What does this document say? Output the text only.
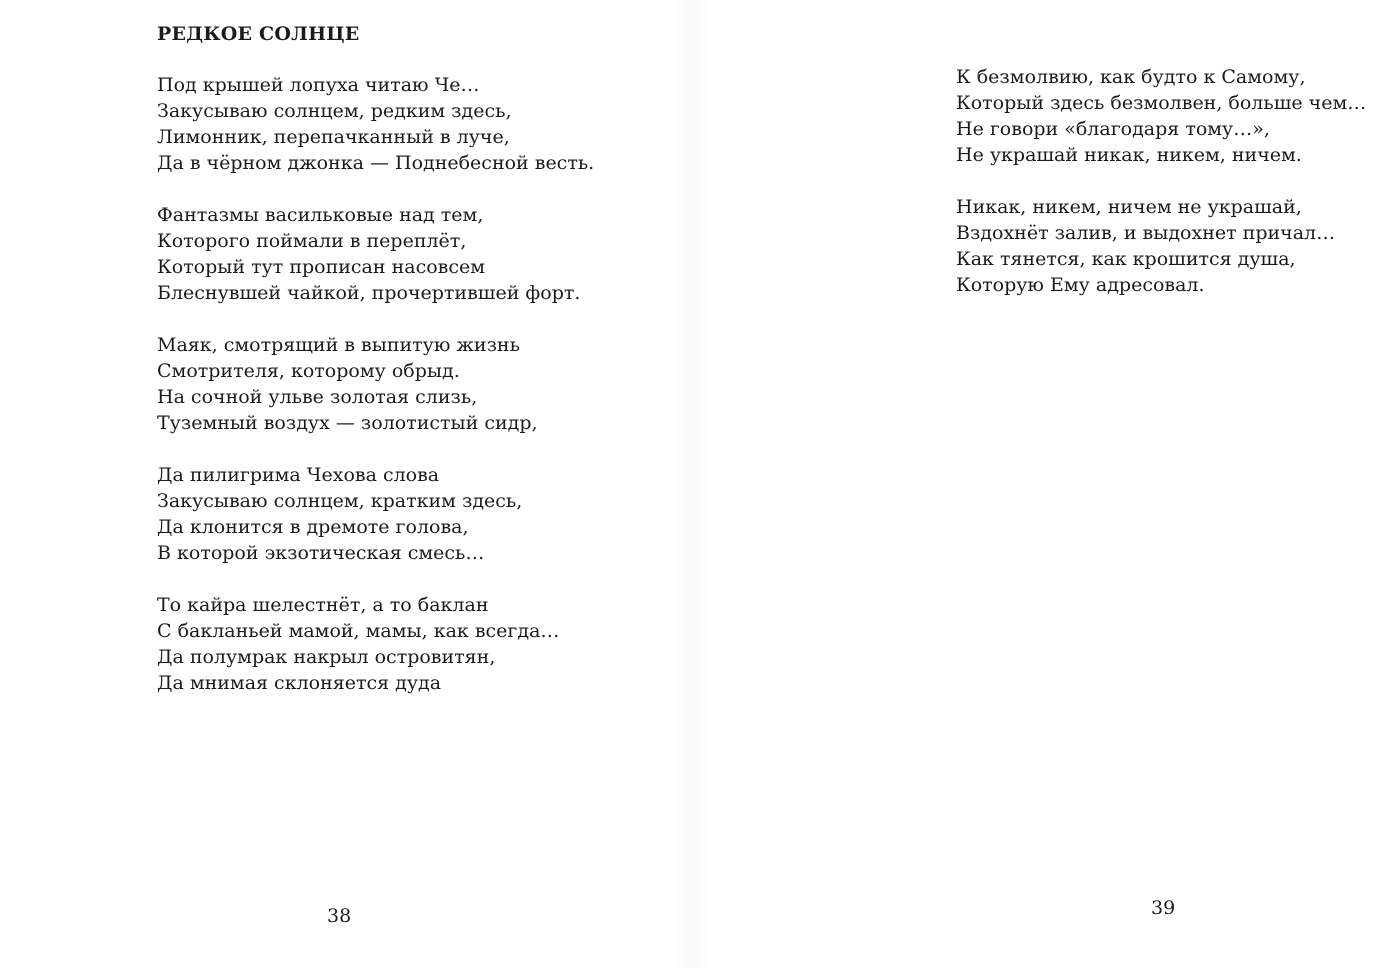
РЕДКОЕ СОЛНЦЕ
Под крышей лопуха читаю Че…
Закусываю солнцем, редким здесь,
Лимонник, перепачканный в луче,
Да в чёрном джонка — Поднебесной весть.
Фантазмы васильковые над тем,
Которого поймали в переплёт,
Который тут прописан насовсем
Блеснувшей чайкой, прочертившей форт.
Маяк, смотрящий в выпитую жизнь
Смотрителя, которому обрыд.
На сочной ульве золотая слизь,
Туземный воздух — золотистый сидр,
Да пилигрима Чехова слова
Закусываю солнцем, кратким здесь,
Да клонится в дремоте голова,
В которой экзотическая смесь…
То кайра шелестнёт, а то баклан
С бакланьей мамой, мамы, как всегда…
Да полумрак накрыл островитян,
Да мнимая склоняется дуда
38
К безмолвию, как будто к Самому,
Который здесь безмолвен, больше чем…
Не говори «благодаря тому…»,
Не украшай никак, никем, ничем.
Никак, никем, ничем не украшай,
Вздохнёт залив, и выдохнет причал…
Как тянется, как крошится душа,
Которую Ему адресовал.
39
